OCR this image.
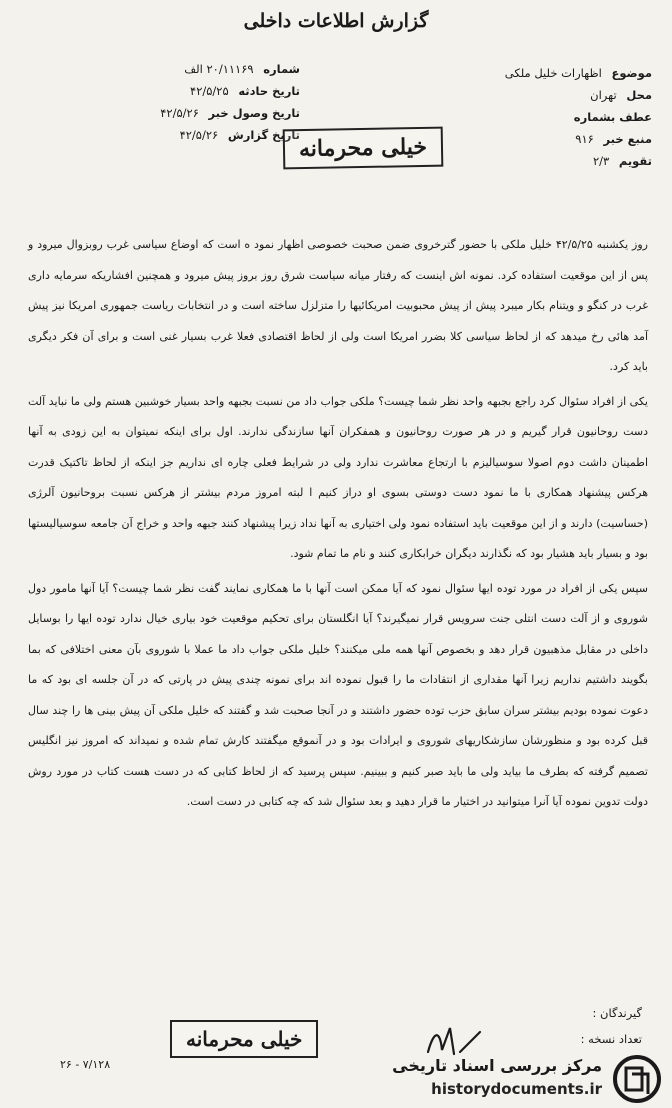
گزارش اطلاعات داخلی
موضوع اظهارات خلیل ملکی
محل تهران
عطف بشماره
منبع خبر ۹۱۶
تقویم ۲/۳
شماره ۲۰/۱۱۱۶۹ الف
تاریخ حادثه ۴۲/۵/۲۵
تاریخ وصول خبر ۴۲/۵/۲۶
تاریخ گزارش ۴۲/۵/۲۶	خیلی محرمانه

روز یکشنبه ۴۲/۵/۲۵ خلیل ملکی با حضور گترخروی ضمن صحبت خصوصی اظهار نمود ه است که اوضاع سیاسی غرب روبزوال میرود و پس از این موقعیت استفاده کرد. نمونه اش اینست که رفتار میانه سیاست شرق روز بروز پیش میرود و همچنین افشاریکه سرمایه داری غرب در کنگو و ویتنام بکار میبرد پیش از پیش محبوبیت امریکائیها را متزلزل ساخته است و در انتخابات ریاست جمهوری امریکا نیز پیش آمد هائی رخ میدهد که از لحاظ سیاسی کلا بضرر امریکا است ولی از لحاظ اقتصادی فعلا غرب بسیار غنی است و برای آن فکر دیگری باید کرد.

یکی از افراد سئوال کرد راجع بجبهه واحد نظر شما چیست؟ ملکی جواب داد من نسبت بجبهه واحد بسیار خوشبین هستم ولی ما نباید آلت دست روحانیون قرار گیریم و در هر صورت روحانیون و همفکران آنها سازندگی ندارند. اول برای اینکه نمیتوان به این زودی به آنها اطمینان داشت دوم اصولا سوسیالیزم با ارتجاع معاشرت ندارد ولی در شرایط فعلی چاره ای نداریم جز اینکه از لحاظ تاکتیک قدرت هرکس پیشنهاد همکاری با ما نمود دست دوستی بسوی او دراز کنیم ا لبته امروز مردم بیشتر از هرکس نسبت بروحانیون آلرژی (حساسیت) دارند و از این موقعیت باید استفاده نمود ولی اختیاری به آنها نداد زیرا پیشنهاد کنند جبهه واحد و خراج آن جامعه سوسیالیستها بود و بسیار باید هشیار بود که نگذارند دیگران خرابکاری کنند و نام ما تمام شود.

سپس یکی از افراد در مورد توده ایها سئوال نمود که آیا ممکن است آنها با ما همکاری نمایند گفت نظر شما چیست؟ آیا آنها مامور دول شوروی و از آلت دست انتلی جنت سرویس قرار نمیگیرند؟ آیا انگلستان برای تحکیم موقعیت خود بیاری خیال ندارد توده ایها را بوسایل داخلی در مقابل مذهبیون قرار دهد و بخصوص آنها همه ملی میکنند؟ خلیل ملکی جواب داد ما عملا با شوروی بآن معنی اختلافی که بما بگویند داشتیم نداریم زیرا آنها مقداری از انتقادات ما را قبول نموده اند برای نمونه چندی پیش در پارتی که در آن جلسه ای بود که ما دعوت نموده بودیم بیشتر سران سابق حزب توده حضور داشتند و در آنجا صحبت شد و گفتند که خلیل ملکی آن پیش بینی ها را چند سال قبل کرده بود و منظورشان سازشکاریهای شوروی و ایرادات بود و در آنموقع میگفتند کارش تمام شده و نمیداند که امروز نیز انگلیس تصمیم گرفته که بطرف ما بیاید ولی ما باید صبر کنیم و ببینیم. سپس پرسید که از لحاظ کتابی که در دست هست کتاب در مورد روش دولت تدوین نموده آیا آنرا میتوانید در اختیار ما قرار دهید و بعد سئوال شد که چه کتابی در دست است.

گیرندگان :
تعداد نسخه :
خیلی محرمانه
۲۶ - ۷/۱۲۸	مرکز بررسی اسناد تاریخی
historydocuments.ir
